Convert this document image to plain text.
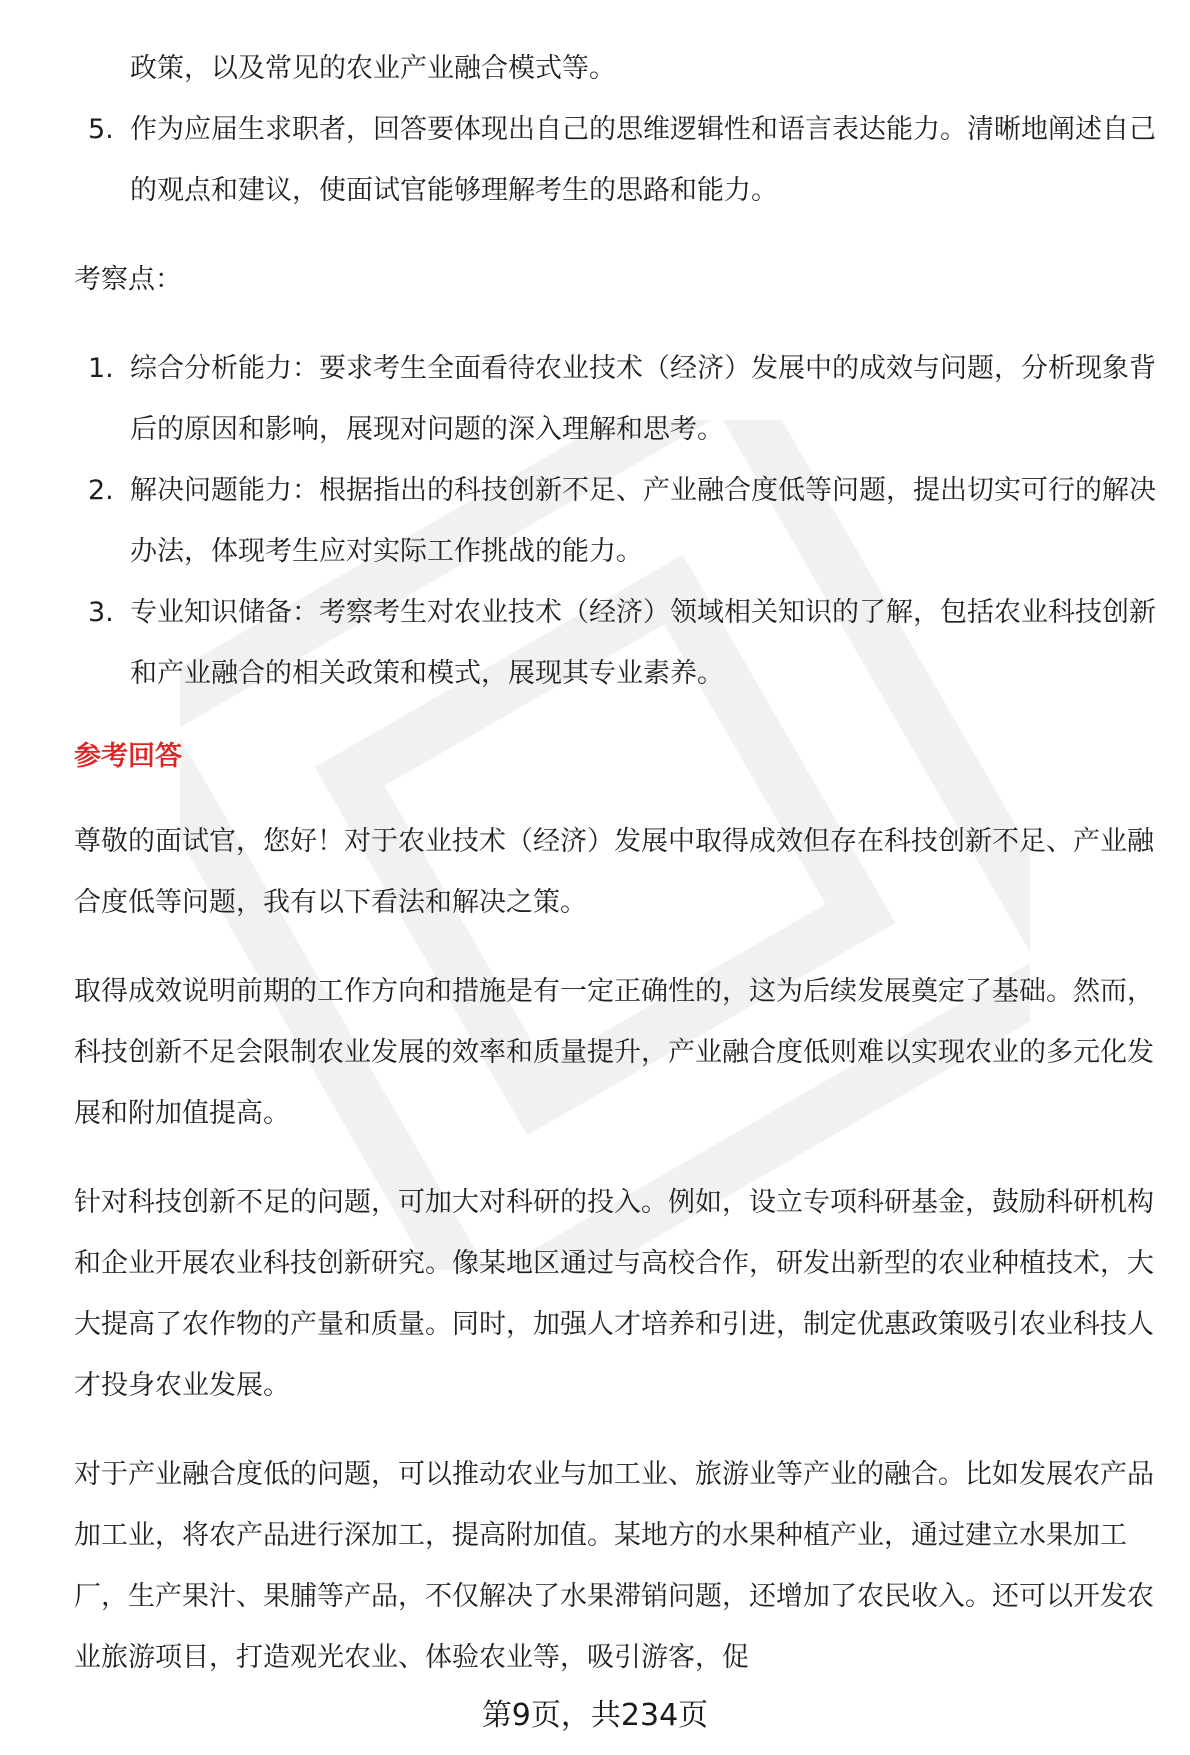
政策，以及常见的农业产业融合模式等。
5. 作为应届生求职者，回答要体现出自己的思维逻辑性和语言表达能力。清晰地阐述自己的观点和建议，使面试官能够理解考生的思路和能力。
考察点：
1. 综合分析能力：要求考生全面看待农业技术（经济）发展中的成效与问题，分析现象背后的原因和影响，展现对问题的深入理解和思考。
2. 解决问题能力：根据指出的科技创新不足、产业融合度低等问题，提出切实可行的解决办法，体现考生应对实际工作挑战的能力。
3. 专业知识储备：考察考生对农业技术（经济）领域相关知识的了解，包括农业科技创新和产业融合的相关政策和模式，展现其专业素养。
参考回答

尊敬的面试官，您好！对于农业技术（经济）发展中取得成效但存在科技创新不足、产业融合度低等问题，我有以下看法和解决之策。

取得成效说明前期的工作方向和措施是有一定正确性的，这为后续发展奠定了基础。然而，科技创新不足会限制农业发展的效率和质量提升，产业融合度低则难以实现农业的多元化发展和附加值提高。

针对科技创新不足的问题，可加大对科研的投入。例如，设立专项科研基金，鼓励科研机构和企业开展农业科技创新研究。像某地区通过与高校合作，研发出新型的农业种植技术，大大提高了农作物的产量和质量。同时，加强人才培养和引进，制定优惠政策吸引农业科技人才投身农业发展。

对于产业融合度低的问题，可以推动农业与加工业、旅游业等产业的融合。比如发展农产品加工业，将农产品进行深加工，提高附加值。某地方的水果种植产业，通过建立水果加工厂，生产果汁、果脯等产品，不仅解决了水果滞销问题，还增加了农民收入。还可以开发农业旅游项目，打造观光农业、体验农业等，吸引游客，促

第9页，共234页
